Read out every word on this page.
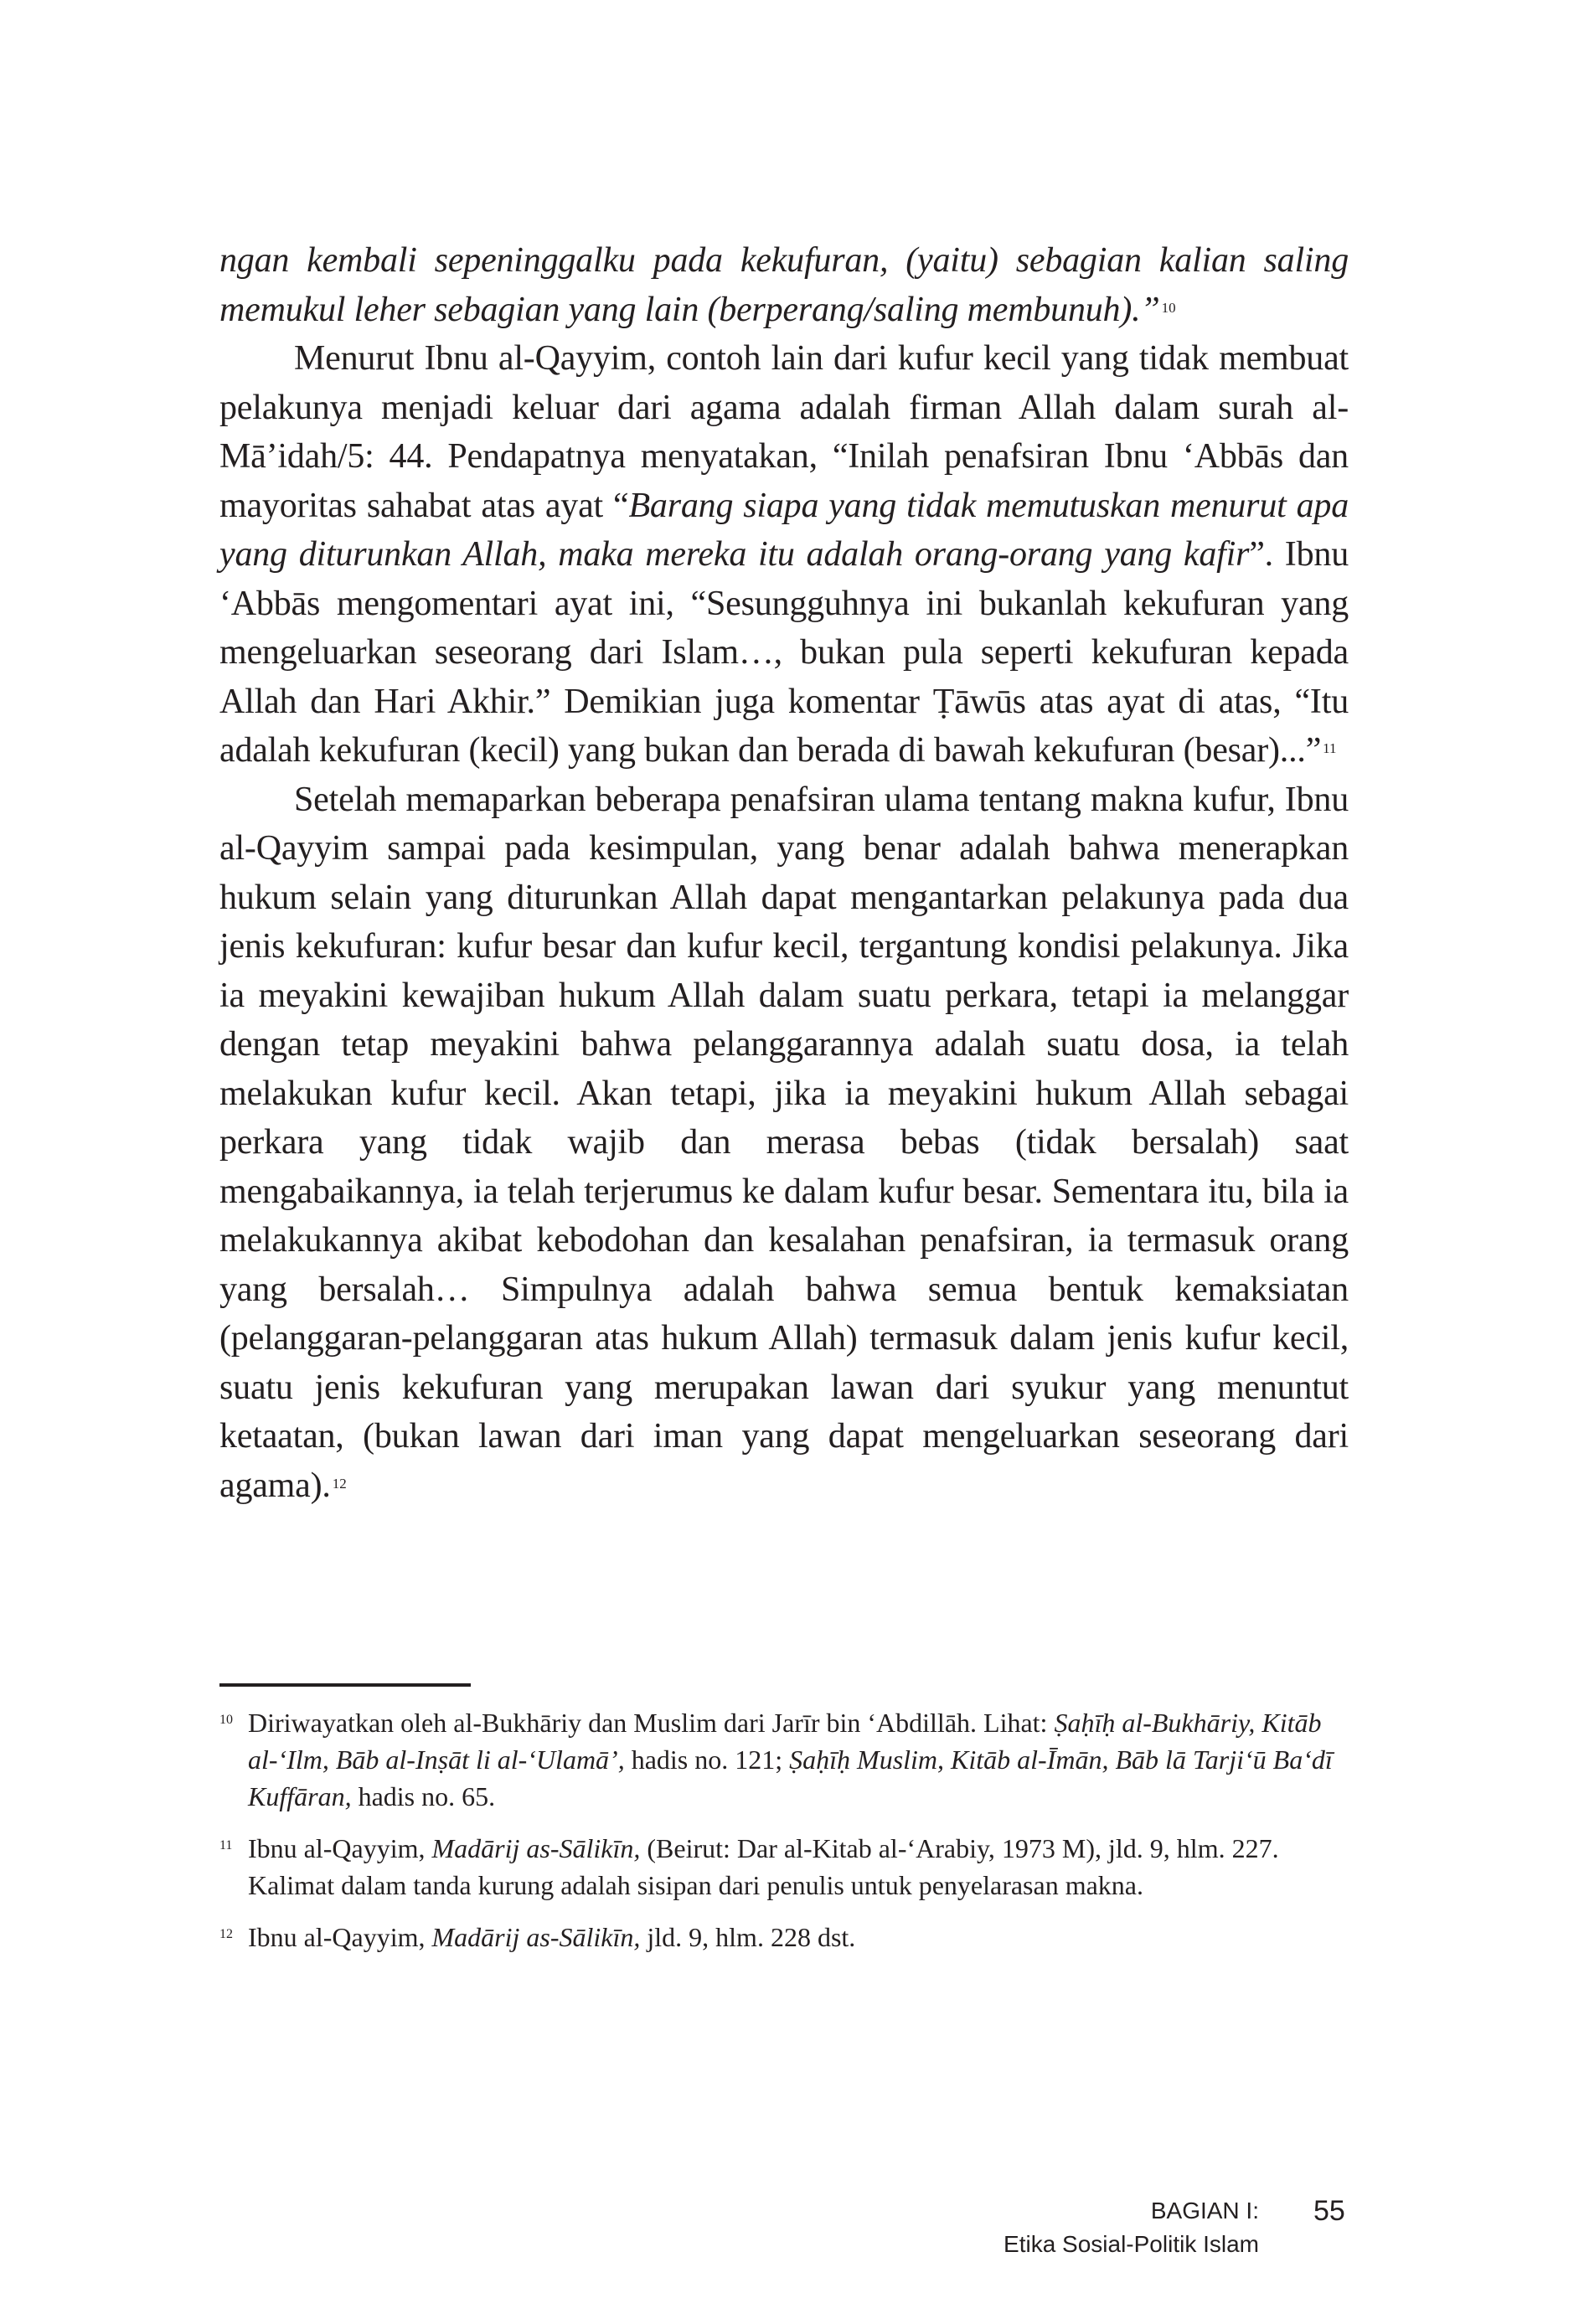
ngan kembali sepeninggalku pada kekufuran, (yaitu) sebagian kalian saling memukul leher sebagian yang lain (berperang/saling membunuh).” $^{10}$

Menurut Ibnu al-Qayyim, contoh lain dari kufur kecil yang tidak membuat pelakunya menjadi keluar dari agama adalah firman Allah dalam surah al-Mā’idah/5: 44. Pendapatnya menyatakan, “Inilah penafsiran Ibnu ‘Abbās dan mayoritas sahabat atas ayat “Barang siapa yang tidak memutuskan menurut apa yang diturunkan Allah, maka mereka itu adalah orang-orang yang kafir”. Ibnu ‘Abbās mengomentari ayat ini, “Sesungguhnya ini bukanlah kekufuran yang mengeluarkan seseorang dari Islam…, bukan pula seperti kekufuran kepada Allah dan Hari Akhir.” Demikian juga komentar Ṭāwūs atas ayat di atas, “Itu adalah kekufuran (kecil) yang bukan dan berada di bawah kekufuran (besar)...” $^{11}$

Setelah memaparkan beberapa penafsiran ulama tentang makna kufur, Ibnu al-Qayyim sampai pada kesimpulan, yang benar adalah bahwa menerapkan hukum selain yang diturunkan Allah dapat mengantarkan pelakunya pada dua jenis kekufuran: kufur besar dan kufur kecil, tergantung kondisi pelakunya. Jika ia meyakini kewajiban hukum Allah dalam suatu perkara, tetapi ia melanggar dengan tetap meyakini bahwa pelanggarannya adalah suatu dosa, ia telah melakukan kufur kecil. Akan tetapi, jika ia meyakini hukum Allah sebagai perkara yang tidak wajib dan merasa bebas (tidak bersalah) saat mengabaikannya, ia telah terjerumus ke dalam kufur besar. Sementara itu, bila ia melakukannya akibat kebodohan dan kesalahan penafsiran, ia termasuk orang yang bersalah… Simpulnya adalah bahwa semua bentuk kemaksiatan (pelanggaran-pelanggaran atas hukum Allah) termasuk dalam jenis kufur kecil, suatu jenis kekufuran yang merupakan lawan dari syukur yang menuntut ketaatan, (bukan lawan dari iman yang dapat mengeluarkan seseorang dari agama). $^{12}$

10 Diriwayatkan oleh al-Bukhāriy dan Muslim dari Jarīr bin ‘Abdillāh. Lihat: Ṣaḥīḥ al-Bukhāriy, Kitāb al-‘Ilm, Bāb al-Inṣāt li al-‘Ulamā’, hadis no. 121; Ṣaḥīḥ Muslim, Kitāb al-Īmān, Bāb lā Tarji‘ū Ba‘dī Kuffāran, hadis no. 65.
11 Ibnu al-Qayyim, Madārij as-Sālikīn, (Beirut: Dar al-Kitab al-‘Arabiy, 1973 M), jld. 9, hlm. 227. Kalimat dalam tanda kurung adalah sisipan dari penulis untuk penyelarasan makna.
12 Ibnu al-Qayyim, Madārij as-Sālikīn, jld. 9, hlm. 228 dst.
BAGIAN I:
Etika Sosial-Politik Islam
55
